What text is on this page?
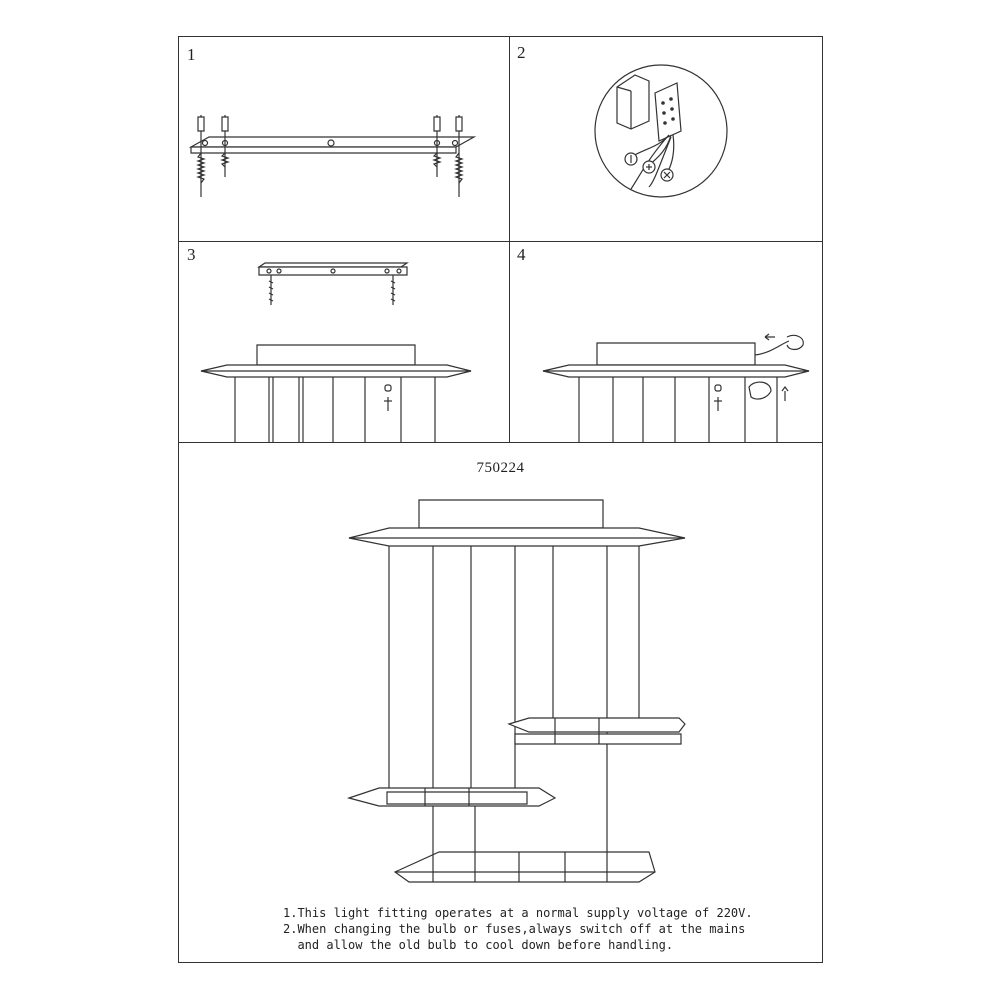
1	2
3	4
750224
1.This light fitting operates at a normal supply voltage of 220V.
2.When changing the bulb or fuses,always switch off at the mains
and allow the old bulb to cool down before handling.
